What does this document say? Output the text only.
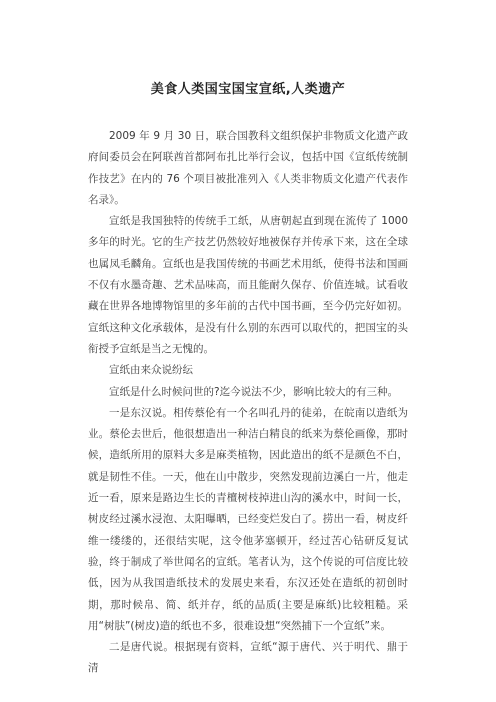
美食人类国宝国宝宣纸,人类遗产

2009 年 9 月 30 日，联合国教科文组织保护非物质文化遗产政府间委员会在阿联酋首都阿布扎比举行会议，包括中国《宣纸传统制作技艺》在内的 76 个项目被批准列入《人类非物质文化遗产代表作名录》。

宣纸是我国独特的传统手工纸，从唐朝起直到现在流传了 1000 多年的时光。它的生产技艺仍然较好地被保存并传承下来，这在全球也属凤毛麟角。宣纸也是我国传统的书画艺术用纸，使得书法和国画不仅有水墨奇趣、艺术品味高，而且能耐久保存、价值连城。试看收藏在世界各地博物馆里的多年前的古代中国书画，至今仍完好如初。宣纸这种文化承载体，是没有什么别的东西可以取代的，把国宝的头衔授予宣纸是当之无愧的。

宣纸由来众说纷纭

宣纸是什么时候问世的?迄今说法不少，影响比较大的有三种。

一是东汉说。相传蔡伦有一个名叫孔丹的徒弟，在皖南以造纸为业。蔡伦去世后，他很想造出一种洁白精良的纸来为蔡伦画像，那时候，造纸所用的原料大多是麻类植物，因此造出的纸不是颜色不白，就是韧性不佳。一天，他在山中散步，突然发现前边溪白一片，他走近一看，原来是路边生长的青檀树枝掉进山沟的溪水中，时间一长，树皮经过溪水浸泡、太阳曝晒，已经变烂发白了。捞出一看，树皮纤维一缕缕的，还很结实呢，这令他茅塞顿开，经过苦心钻研反复试验，终于制成了举世闻名的宣纸。笔者认为，这个传说的可信度比较低，因为从我国造纸技术的发展史来看，东汉还处在造纸的初创时期，那时候帛、简、纸并存，纸的品质(主要是麻纸)比较粗糙。采用“树肤”(树皮)造的纸也不多，很难设想“突然捕下一个宣纸”来。

二是唐代说。根据现有资料，宣纸“源于唐代、兴于明代、鼎于清
